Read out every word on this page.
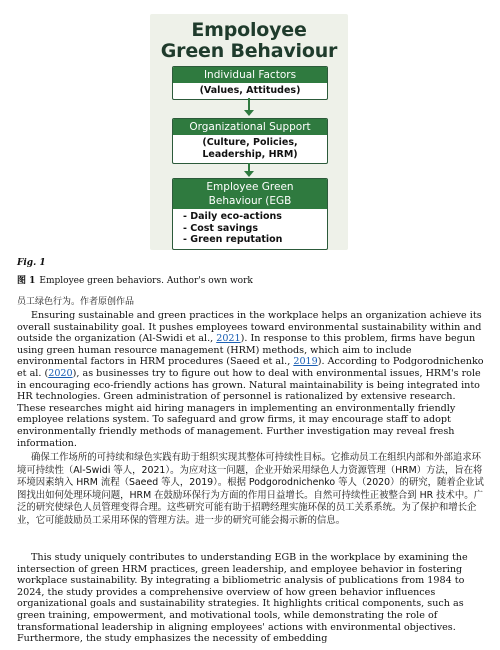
Empoloyee
Green Behaviour
Individual Factors
(Values, Attitudes)
Organizational Support
(Culture, Policies,
Leadership, HRM)
Employee Green
Behaviour (EGB
- Daily eco-actions
- Cost savings
- Green reputation
Fig. 1
图 1 Employee green behaviors. Author's own work
员工绿色行为。作者原创作品

Ensuring sustainable and green practices in the workplace helps an organization achieve its overall sustainability goal. It pushes employees toward environmental sustainability within and outside the organization (Al-Swidi et al., 2021). In response to this problem, firms have begun using green human resource management (HRM) methods, which aim to include environmental factors in HRM procedures (Saeed et al., 2019). According to Podgorodnichenko et al. (2020), as businesses try to figure out how to deal with environmental issues, HRM's role in encouraging eco-friendly actions has grown. Natural maintainability is being integrated into HR technologies. Green administration of personnel is rationalized by extensive research. These researches might aid hiring managers in implementing an environmentally friendly employee relations system. To safeguard and grow firms, it may encourage staff to adopt environmentally friendly methods of management. Further investigation may reveal fresh information.

确保工作场所的可持续和绿色实践有助于组织实现其整体可持续性目标。它推动员工在组织内部和外部追求环境可持续性（Al-Swidi 等人，2021）。为应对这一问题，企业开始采用绿色人力资源管理（HRM）方法，旨在将环境因素纳入 HRM 流程（Saeed 等人，2019）。根据 Podgorodnichenko 等人（2020）的研究，随着企业试图找出如何处理环境问题，HRM 在鼓励环保行为方面的作用日益增长。自然可持续性正被整合到 HR 技术中。广泛的研究使绿色人员管理变得合理。这些研究可能有助于招聘经理实施环保的员工关系系统。为了保护和增长企业，它可能鼓励员工采用环保的管理方法。进一步的研究可能会揭示新的信息。

This study uniquely contributes to understanding EGB in the workplace by examining the intersection of green HRM practices, green leadership, and employee behavior in fostering workplace sustainability. By integrating a bibliometric analysis of publications from 1984 to 2024, the study provides a comprehensive overview of how green behavior influences organizational goals and sustainability strategies. It highlights critical components, such as green training, empowerment, and motivational tools, while demonstrating the role of transformational leadership in aligning employees' actions with environmental objectives. Furthermore, the study emphasizes the necessity of embedding
